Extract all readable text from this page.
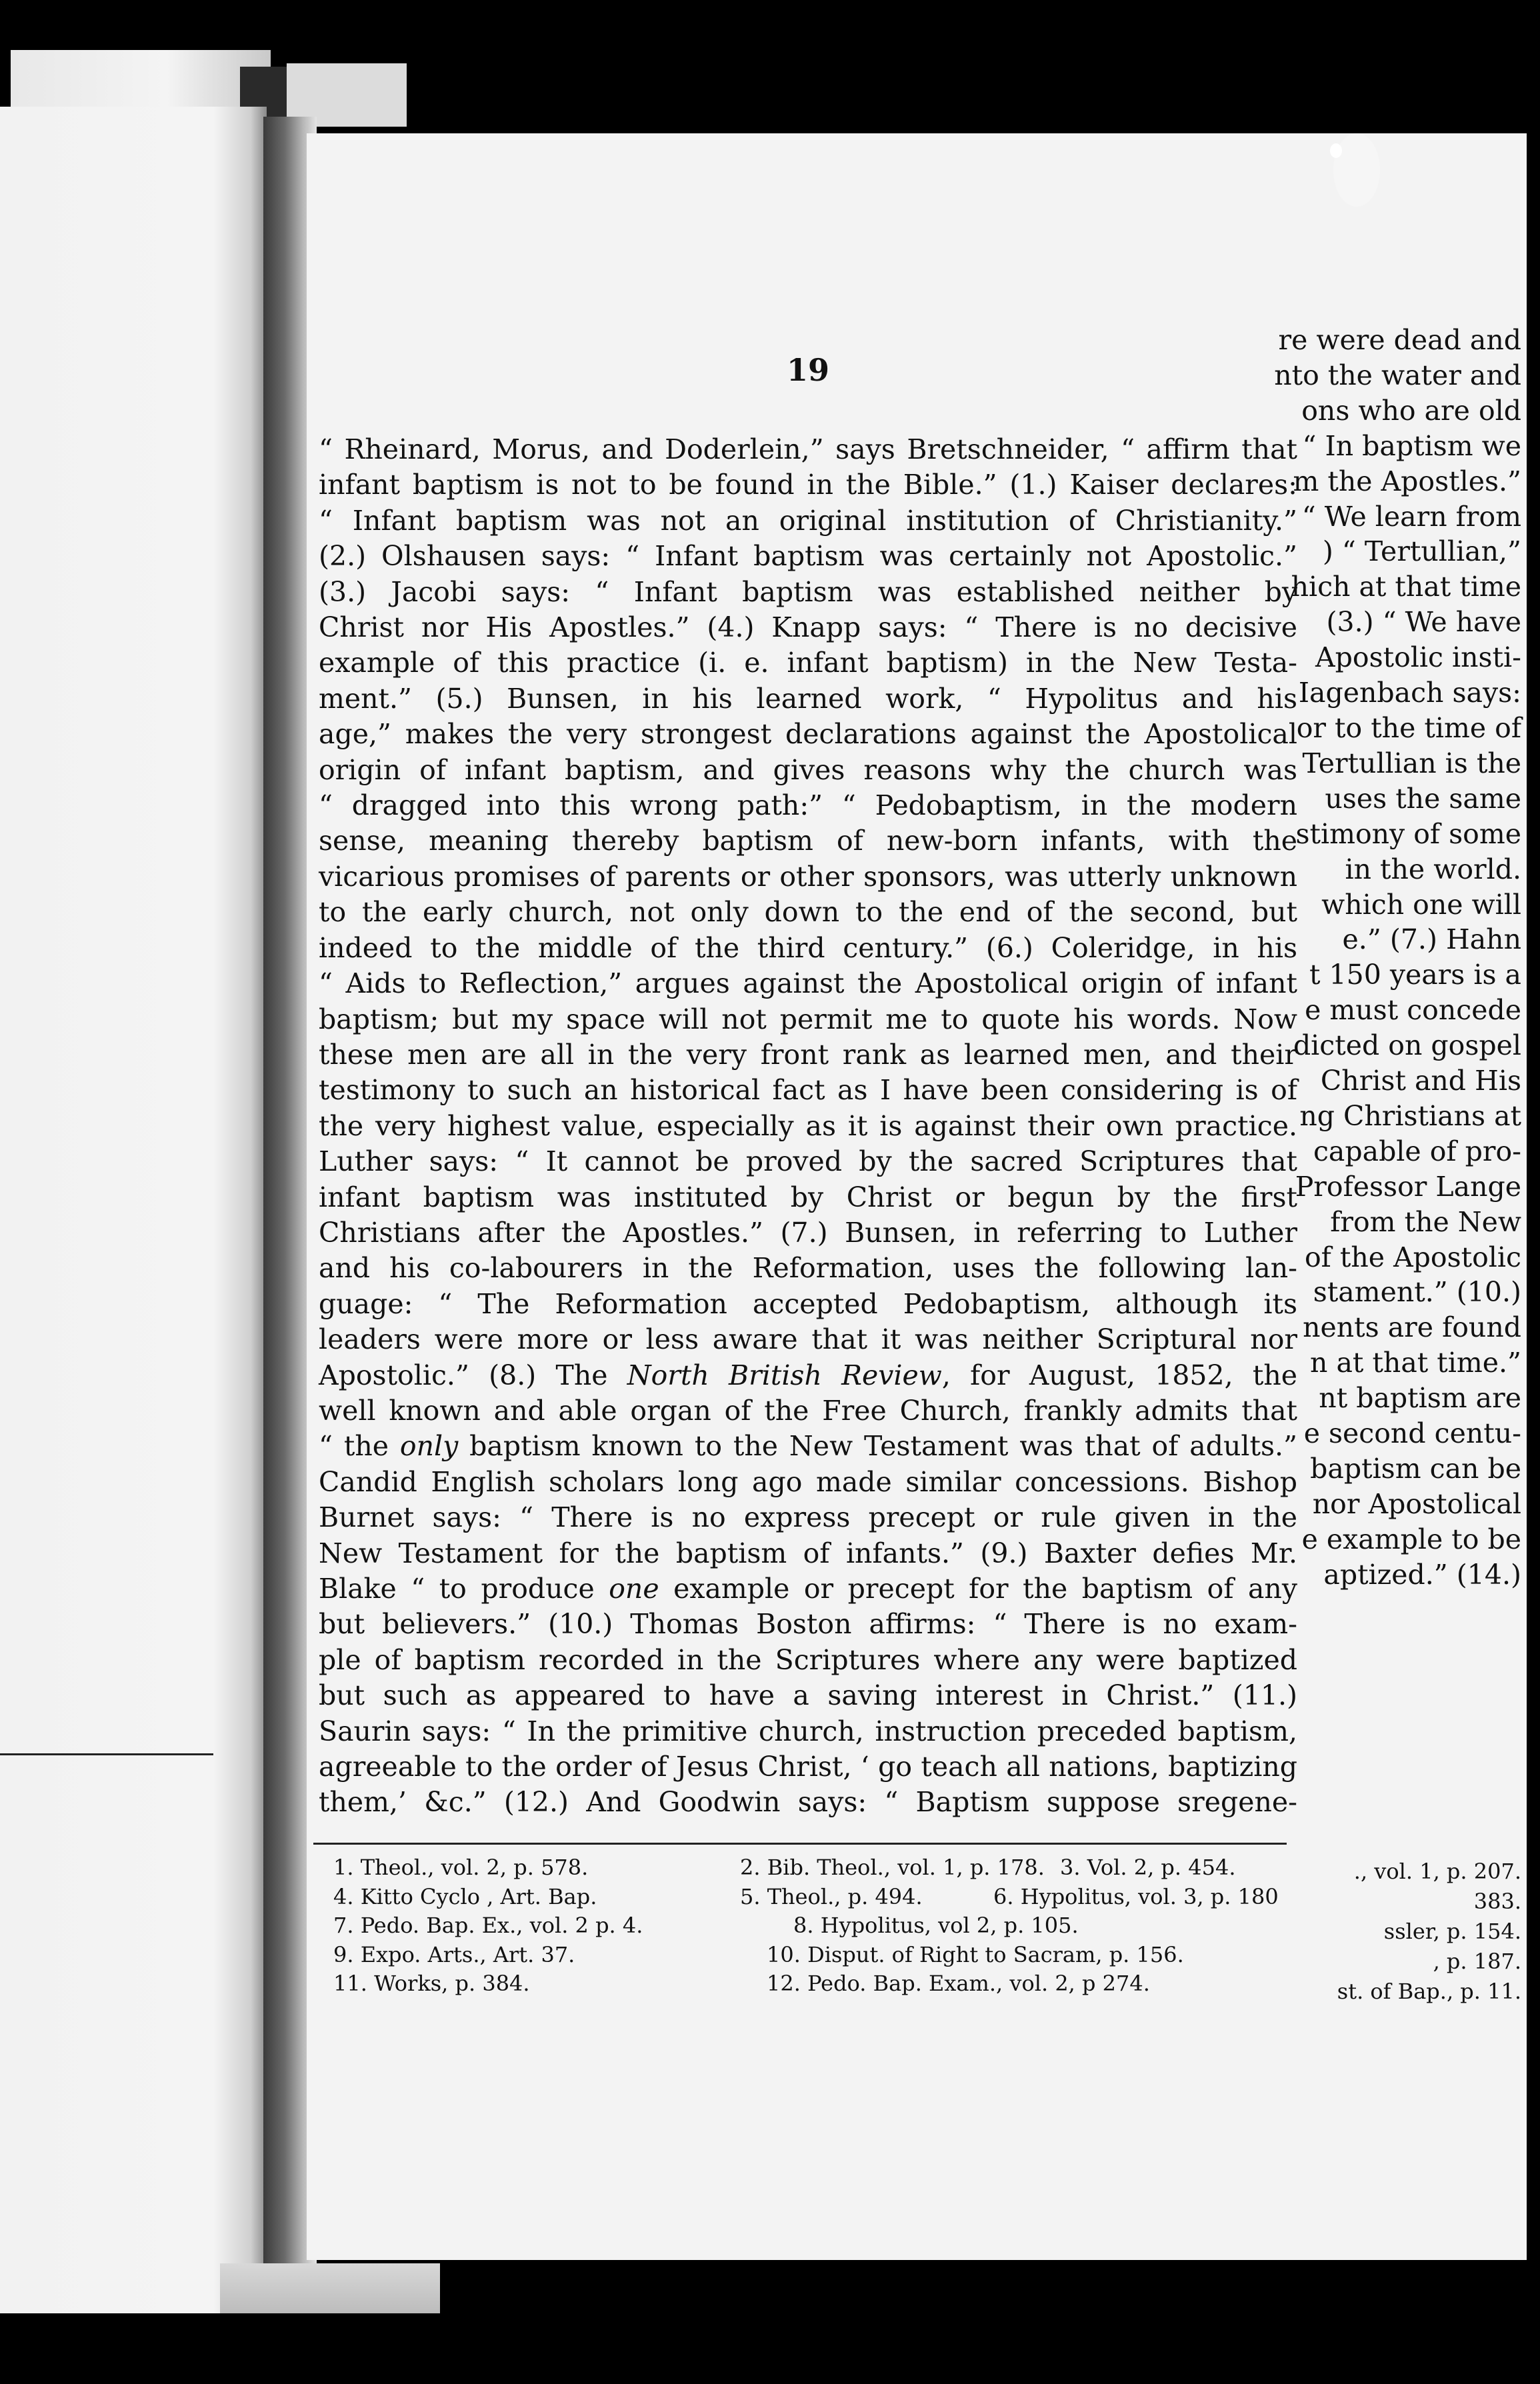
re were dead and
nto the water and
ons who are old
“ In baptism we
m the Apostles.”
“ We learn from
) “ Tertullian,”
hich at that time
(3.) “ We have
Apostolic insti-
Iagenbach says:
or to the time of
Tertullian is the
uses the same
stimony of some
in the world.
which one will
e.” (7.) Hahn
t 150 years is a
e must concede
dicted on gospel
Christ and His
ng Christians at
capable of pro-
Professor Lange
from the New
of the Apostolic
stament.” (10.)
nents are found
n at that time.”
nt baptism are
e second centu-
baptism can be
nor Apostolical
e example to be
aptized.” (14.)
., vol. 1, p. 207.
383.
ssler, p. 154.
, p. 187.
st. of Bap., p. 11.
19
“ Rheinard, Morus, and Doderlein,” says Bretschneider, “ affirm that
infant baptism is not to be found in the Bible.” (1.) Kaiser declares:
“ Infant baptism was not an original institution of Christianity.”
(2.) Olshausen says: “ Infant baptism was certainly not Apostolic.”
(3.) Jacobi says: “ Infant baptism was established neither by
Christ nor His Apostles.” (4.) Knapp says: “ There is no decisive
example of this practice (i. e. infant baptism) in the New Testa-
ment.” (5.) Bunsen, in his learned work, “ Hypolitus and his
age,” makes the very strongest declarations against the Apostolical
origin of infant baptism, and gives reasons why the church was
“ dragged into this wrong path:” “ Pedobaptism, in the modern
sense, meaning thereby baptism of new-born infants, with the
vicarious promises of parents or other sponsors, was utterly unknown
to the early church, not only down to the end of the second, but
indeed to the middle of the third century.” (6.) Coleridge, in his
“ Aids to Reflection,” argues against the Apostolical origin of infant
baptism; but my space will not permit me to quote his words. Now
these men are all in the very front rank as learned men, and their
testimony to such an historical fact as I have been considering is of
the very highest value, especially as it is against their own practice.
Luther says: “ It cannot be proved by the sacred Scriptures that
infant baptism was instituted by Christ or begun by the first
Christians after the Apostles.” (7.) Bunsen, in referring to Luther
and his co-labourers in the Reformation, uses the following lan-
guage: “ The Reformation accepted Pedobaptism, although its
leaders were more or less aware that it was neither Scriptural nor
Apostolic.” (8.) The North British Review, for August, 1852, the
well known and able organ of the Free Church, frankly admits that
“ the only baptism known to the New Testament was that of adults.”
Candid English scholars long ago made similar concessions. Bishop
Burnet says: “ There is no express precept or rule given in the
New Testament for the baptism of infants.” (9.) Baxter defies Mr.
Blake “ to produce one example or precept for the baptism of any
but believers.” (10.) Thomas Boston affirms: “ There is no exam-
ple of baptism recorded in the Scriptures where any were baptized
but such as appeared to have a saving interest in Christ.” (11.)
Saurin says: “ In the primitive church, instruction preceded baptism,
agreeable to the order of Jesus Christ, ‘ go teach all nations, baptizing
them,’ &c.” (12.) And Goodwin says: “ Baptism suppose sregene-
1. Theol., vol. 2, p. 578.	2. Bib. Theol., vol. 1, p. 178. 3. Vol. 2, p. 454.
4. Kitto Cyclo , Art. Bap.	5. Theol., p. 494.	6. Hypolitus, vol. 3, p. 180
7. Pedo. Bap. Ex., vol. 2 p. 4.	8. Hypolitus, vol 2, p. 105.
9. Expo. Arts., Art. 37.	10. Disput. of Right to Sacram, p. 156.
11. Works, p. 384.	12. Pedo. Bap. Exam., vol. 2, p 274.
